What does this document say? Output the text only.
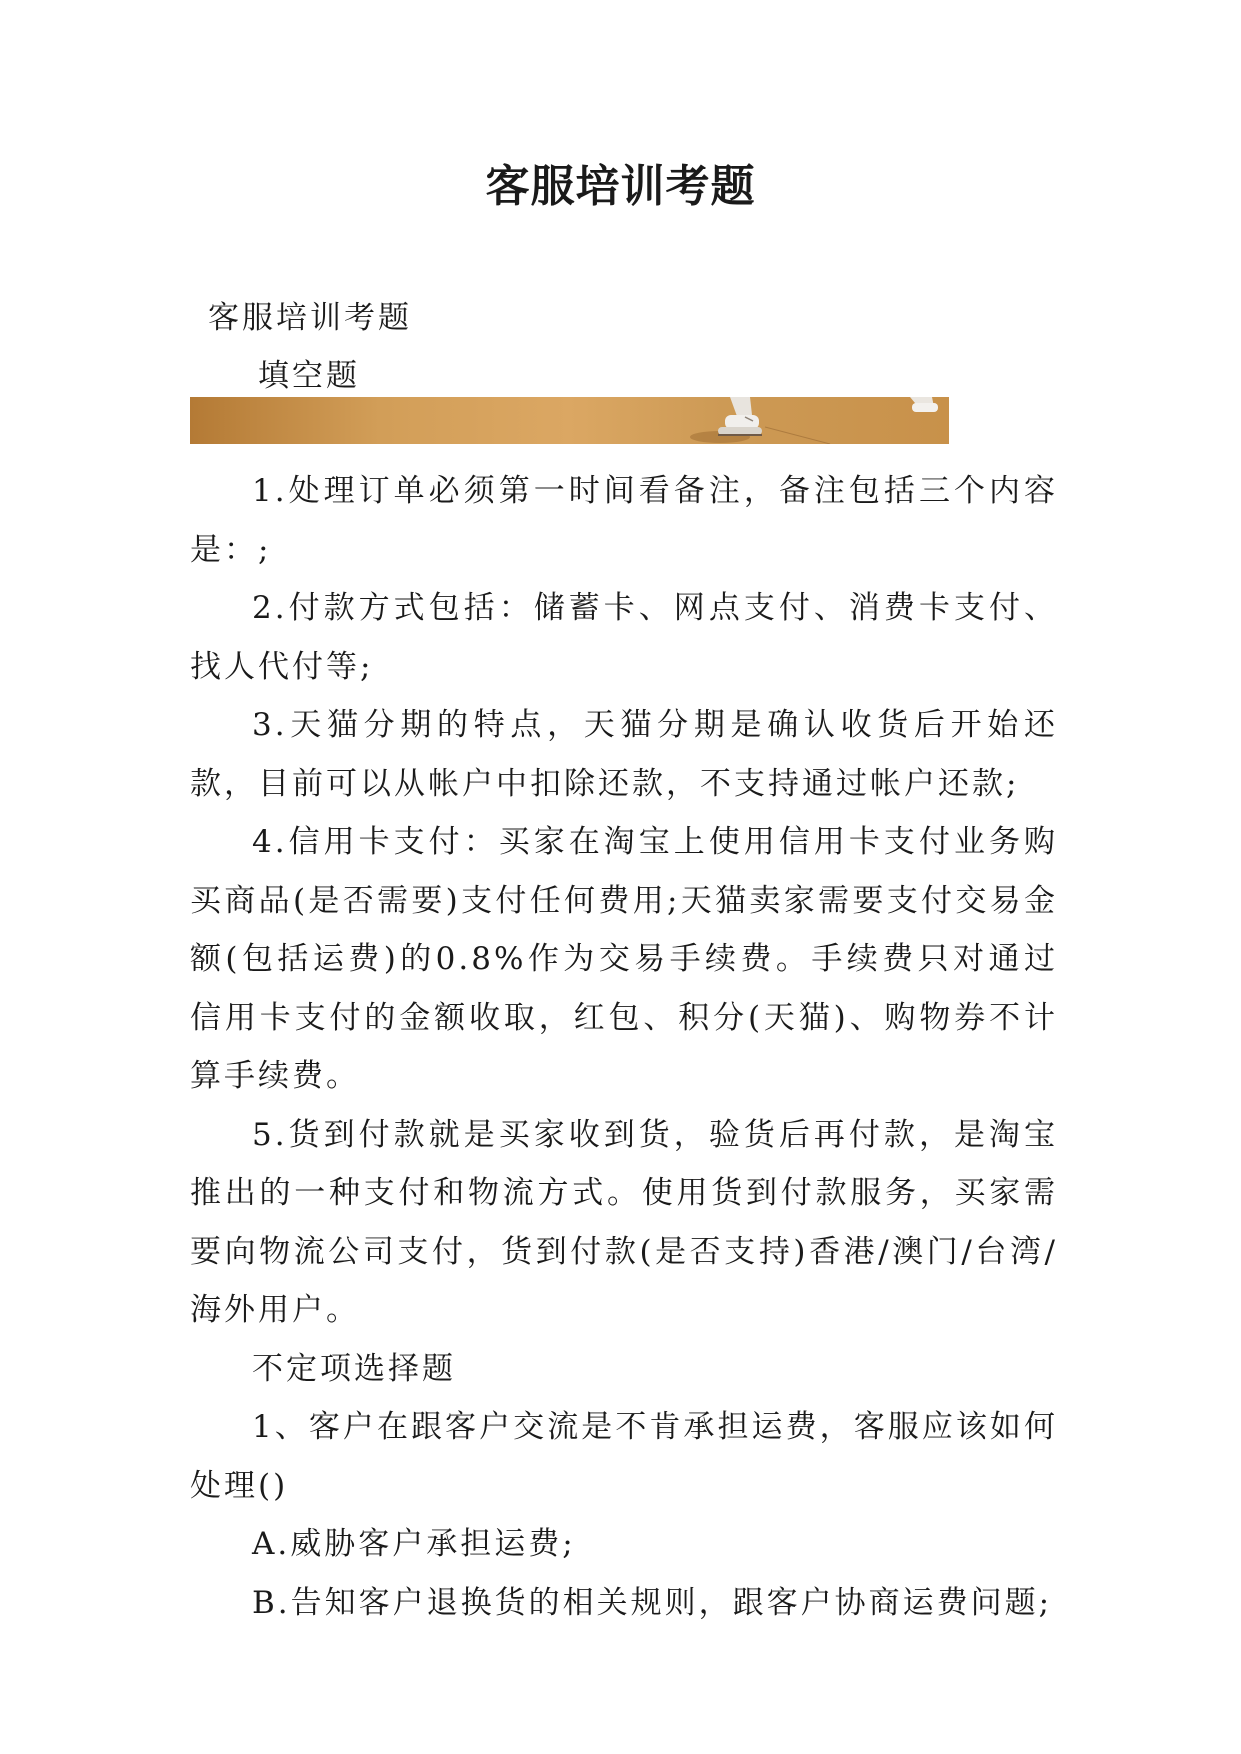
客服培训考题
客服培训考题
填空题

1.处理订单必须第一时间看备注，备注包括三个内容是：;

2.付款方式包括：储蓄卡、网点支付、消费卡支付、找人代付等;

3.天猫分期的特点，天猫分期是确认收货后开始还款，目前可以从帐户中扣除还款，不支持通过帐户还款;

4.信用卡支付：买家在淘宝上使用信用卡支付业务购买商品(是否需要)支付任何费用;天猫卖家需要支付交易金额(包括运费)的0.8%作为交易手续费。手续费只对通过信用卡支付的金额收取，红包、积分(天猫)、购物券不计算手续费。

5.货到付款就是买家收到货，验货后再付款，是淘宝推出的一种支付和物流方式。使用货到付款服务，买家需要向物流公司支付，货到付款(是否支持)香港/澳门/台湾/海外用户。

不定项选择题

1、客户在跟客户交流是不肯承担运费，客服应该如何处理()

A.威胁客户承担运费;

B.告知客户退换货的相关规则，跟客户协商运费问题;
